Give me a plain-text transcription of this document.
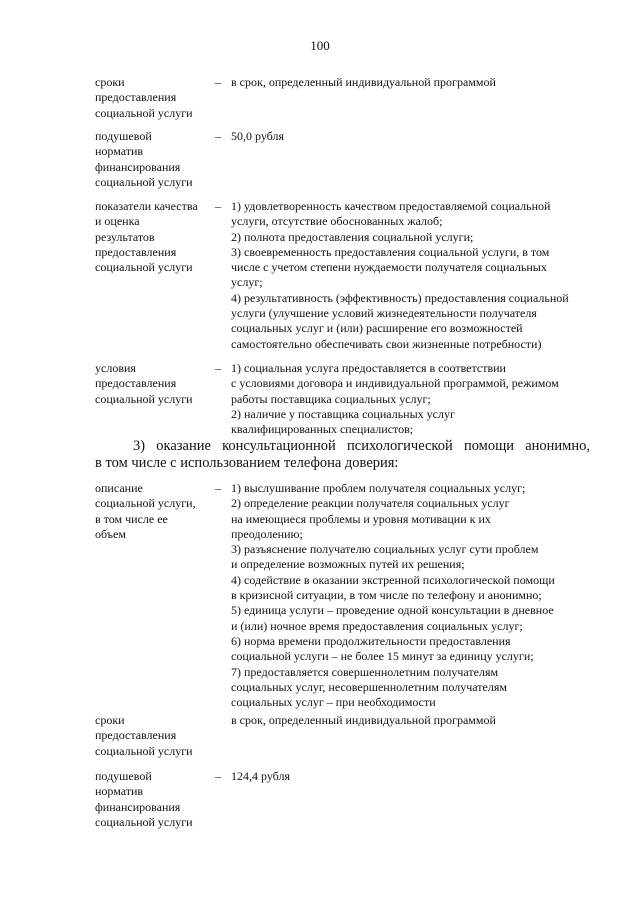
100
сроки
предоставления
социальной услуги
– в срок, определенный индивидуальной программой
подушевой
норматив
финансирования
социальной услуги
– 50,0 рубля
показатели качества
и оценка
результатов
предоставления
социальной услуги
– 1) удовлетворенность качеством предоставляемой социальной
услуги, отсутствие обоснованных жалоб;
2) полнота предоставления социальной услуги;
3) своевременность предоставления социальной услуги, в том
числе с учетом степени нуждаемости получателя социальных
услуг;
4) результативность (эффективность) предоставления социальной
услуги (улучшение условий жизнедеятельности получателя
социальных услуг и (или) расширение его возможностей
самостоятельно обеспечивать свои жизненные потребности)
условия
предоставления
социальной услуги
– 1) социальная услуга предоставляется в соответствии
с условиями договора и индивидуальной программой, режимом
работы поставщика социальных услуг;
2) наличие у поставщика социальных услуг
квалифицированных специалистов;
3) оказание консультационной психологической помощи анонимно,
в том числе с использованием телефона доверия:
описание
социальной услуги,
в том числе ее
объем
– 1) выслушивание проблем получателя социальных услуг;
2) определение реакции получателя социальных услуг
на имеющиеся проблемы и уровня мотивации к их
преодолению;
3) разъяснение получателю социальных услуг сути проблем
и определение возможных путей их решения;
4) содействие в оказании экстренной психологической помощи
в кризисной ситуации, в том числе по телефону и анонимно;
5) единица услуги – проведение одной консультации в дневное
и (или) ночное время предоставления социальных услуг;
6) норма времени продолжительности предоставления
социальной услуги – не более 15 минут за единицу услуги;
7) предоставляется совершеннолетним получателям
социальных услуг, несовершеннолетним получателям
социальных услуг – при необходимости
сроки
предоставления
социальной услуги
в срок, определенный индивидуальной программой
подушевой
норматив
финансирования
социальной услуги
– 124,4 рубля
